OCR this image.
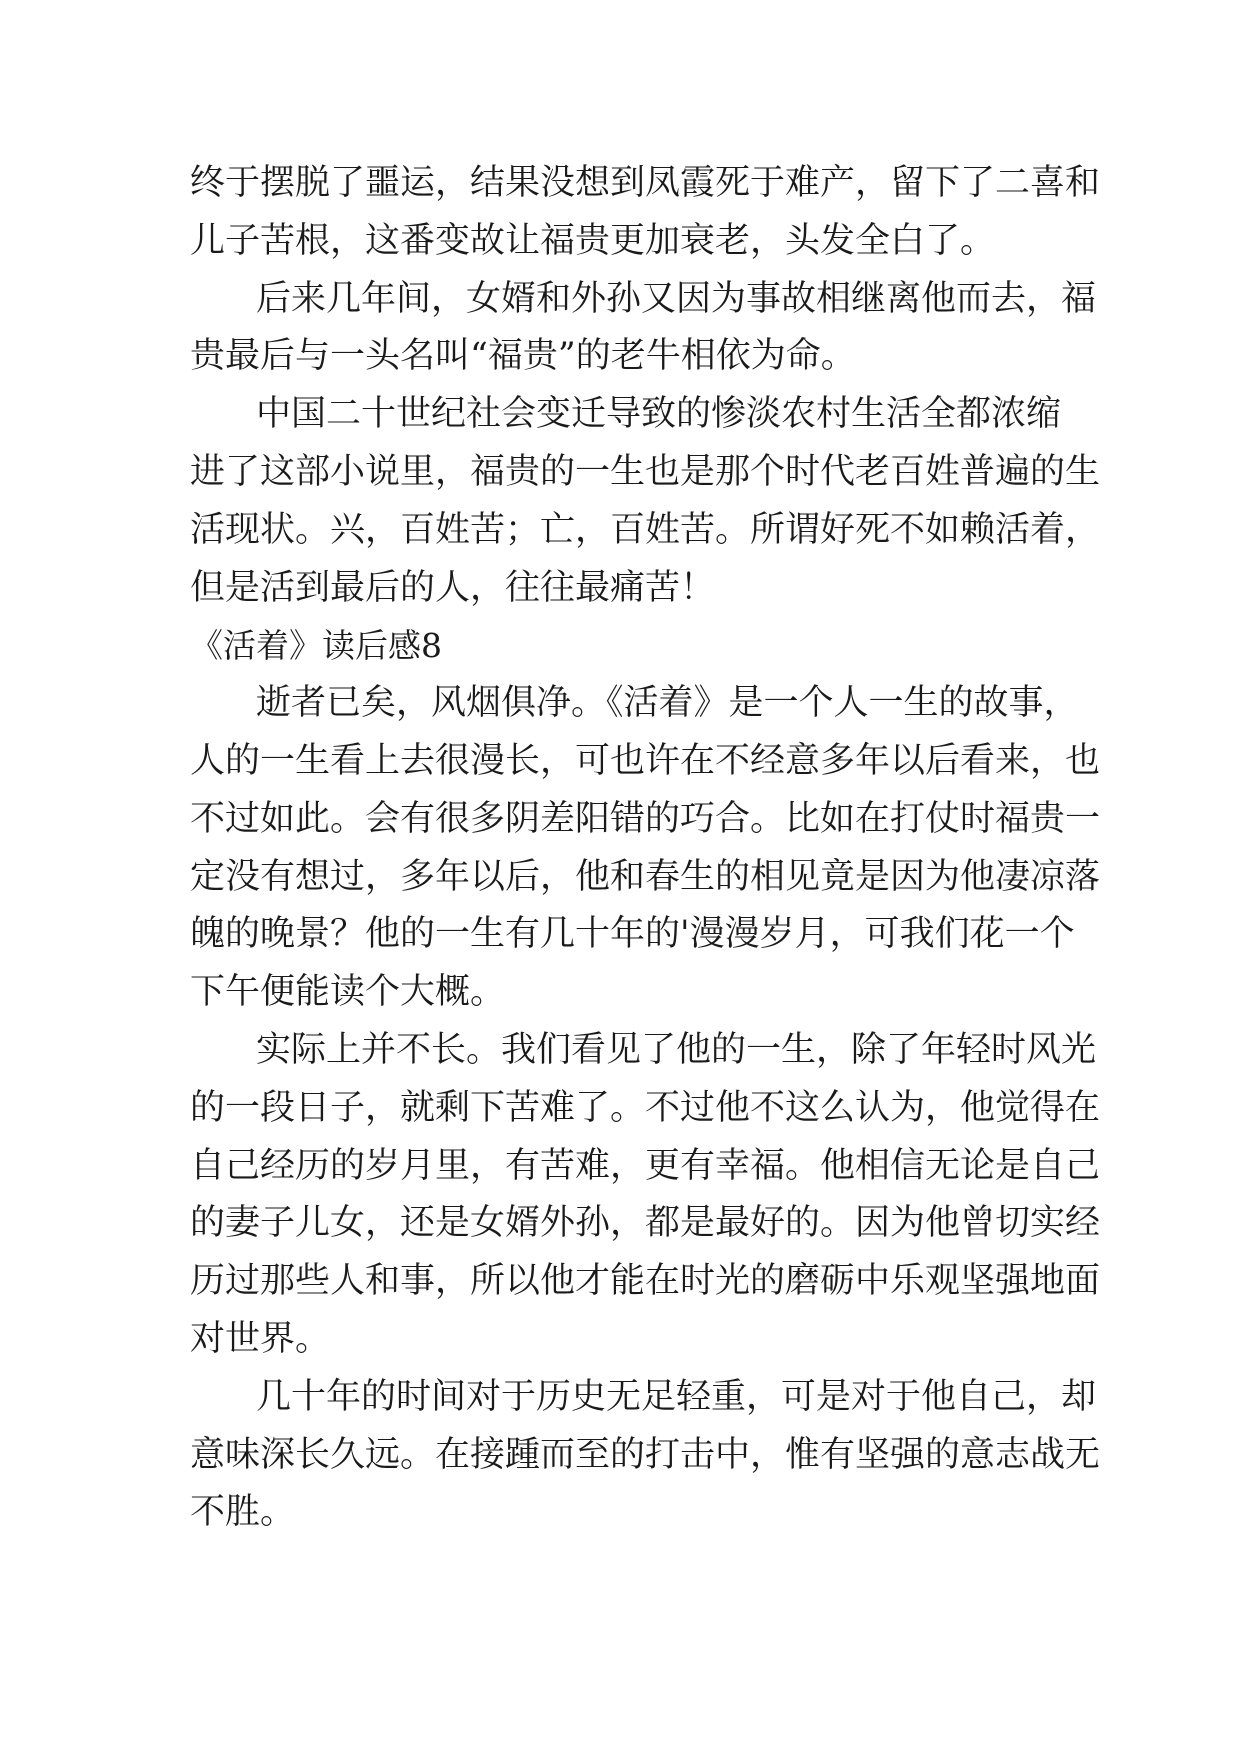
终于摆脱了噩运，结果没想到凤霞死于难产，留下了二喜和
儿子苦根，这番变故让福贵更加衰老，头发全白了。
后来几年间，女婿和外孙又因为事故相继离他而去，福
贵最后与一头名叫“福贵”的老牛相依为命。
中国二十世纪社会变迁导致的惨淡农村生活全都浓缩
进了这部小说里，福贵的一生也是那个时代老百姓普遍的生
活现状。兴，百姓苦；亡，百姓苦。所谓好死不如赖活着，
但是活到最后的人，往往最痛苦！
《活着》读后感8
逝者已矣，风烟俱净。《活着》是一个人一生的故事，
人的一生看上去很漫长，可也许在不经意多年以后看来，也
不过如此。会有很多阴差阳错的巧合。比如在打仗时福贵一
定没有想过，多年以后，他和春生的相见竟是因为他凄凉落
魄的晚景？他的一生有几十年的'漫漫岁月，可我们花一个
下午便能读个大概。
实际上并不长。我们看见了他的一生，除了年轻时风光
的一段日子，就剩下苦难了。不过他不这么认为，他觉得在
自己经历的岁月里，有苦难，更有幸福。他相信无论是自己
的妻子儿女，还是女婿外孙，都是最好的。因为他曾切实经
历过那些人和事，所以他才能在时光的磨砺中乐观坚强地面
对世界。
几十年的时间对于历史无足轻重，可是对于他自己，却
意味深长久远。在接踵而至的打击中，惟有坚强的意志战无
不胜。
